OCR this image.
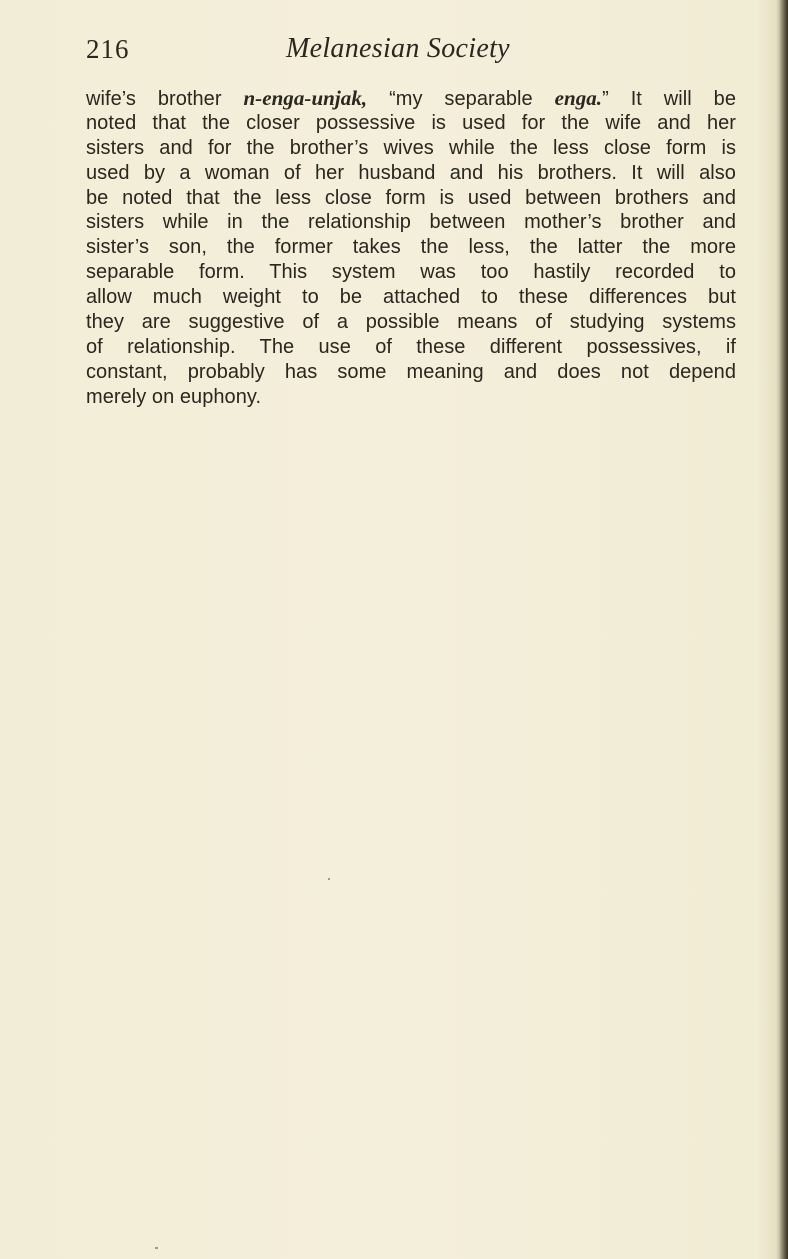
216	Melanesian Society
wife’s brother n-enga-unjak, “my separable enga.” It will be
noted that the closer possessive is used for the wife and her
sisters and for the brother’s wives while the less close form is
used by a woman of her husband and his brothers. It will also
be noted that the less close form is used between brothers and
sisters while in the relationship between mother’s brother and
sister’s son, the former takes the less, the latter the more
separable form. This system was too hastily recorded to
allow much weight to be attached to these differences but
they are suggestive of a possible means of studying systems
of relationship. The use of these different possessives, if
constant, probably has some meaning and does not depend
merely on euphony.
